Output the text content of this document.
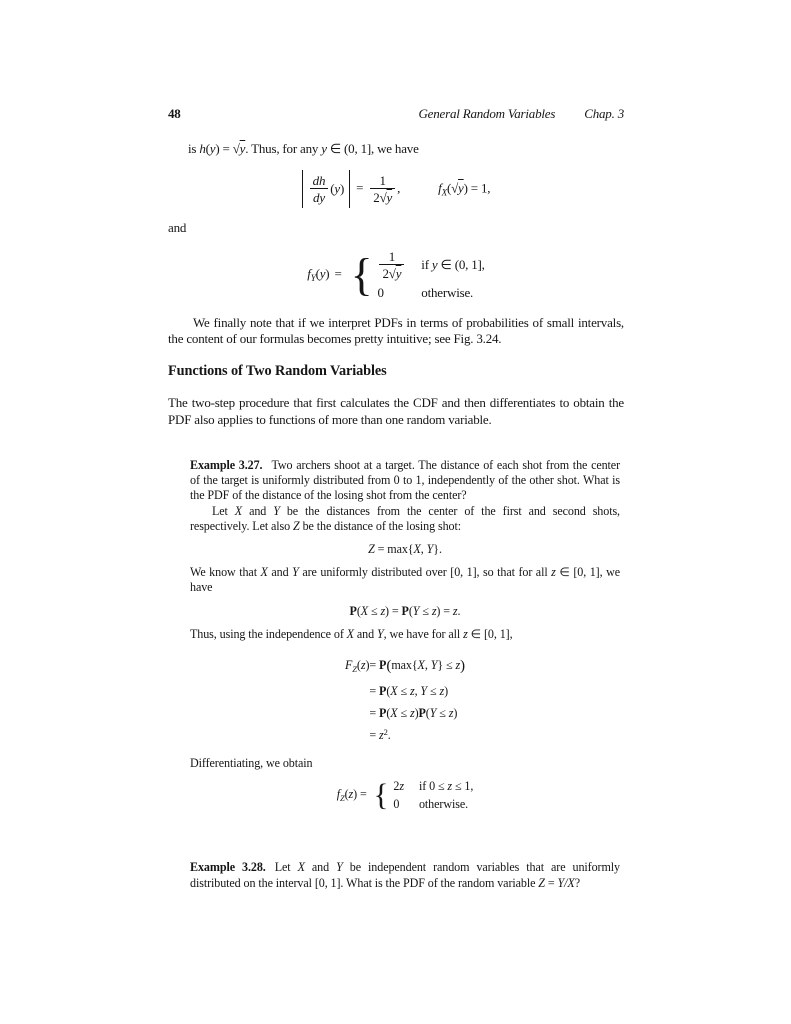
48	General Random Variables Chap. 3

is h(y) = √y. Thus, for any y ∈ (0, 1], we have

$\frac{dh}{dy} (y) = \frac{1}{2√y}$ ,	$f_X(√y) = 1$,

and

$f_Y(y)$ = { $\frac{1}{2√y}$ if y ∈ (0, 1],
0	otherwise.

We finally note that if we interpret PDFs in terms of probabilities of small intervals, the content of our formulas becomes pretty intuitive; see Fig. 3.24.

Functions of Two Random Variables

The two-step procedure that first calculates the CDF and then differentiates to obtain the PDF also applies to functions of more than one random variable.

Example 3.27. Two archers shoot at a target. The distance of each shot from the center of the target is uniformly distributed from 0 to 1, independently of the other shot. What is the PDF of the distance of the losing shot from the center?

Let X and Y be the distances from the center of the first and second shots, respectively. Let also Z be the distance of the losing shot:

Z = max{X, Y}.

We know that X and Y are uniformly distributed over [0, 1], so that for all z ∈ [0, 1], we have

P(X ≤ z) = P(Y ≤ z) = z.

Thus, using the independence of X and Y, we have for all z ∈ [0, 1],

$F_Z(z)$	= P(max{X, Y} ≤ z)
	= P(X ≤ z, Y ≤ z)
	= P(X ≤ z)P(Y ≤ z)
	= $z^2$.

Differentiating, we obtain

$f_Z(z)$ = { 2z if 0 ≤ z ≤ 1,
0 otherwise.

Example 3.28. Let X and Y be independent random variables that are uniformly distributed on the interval [0, 1]. What is the PDF of the random variable Z = Y/X?
